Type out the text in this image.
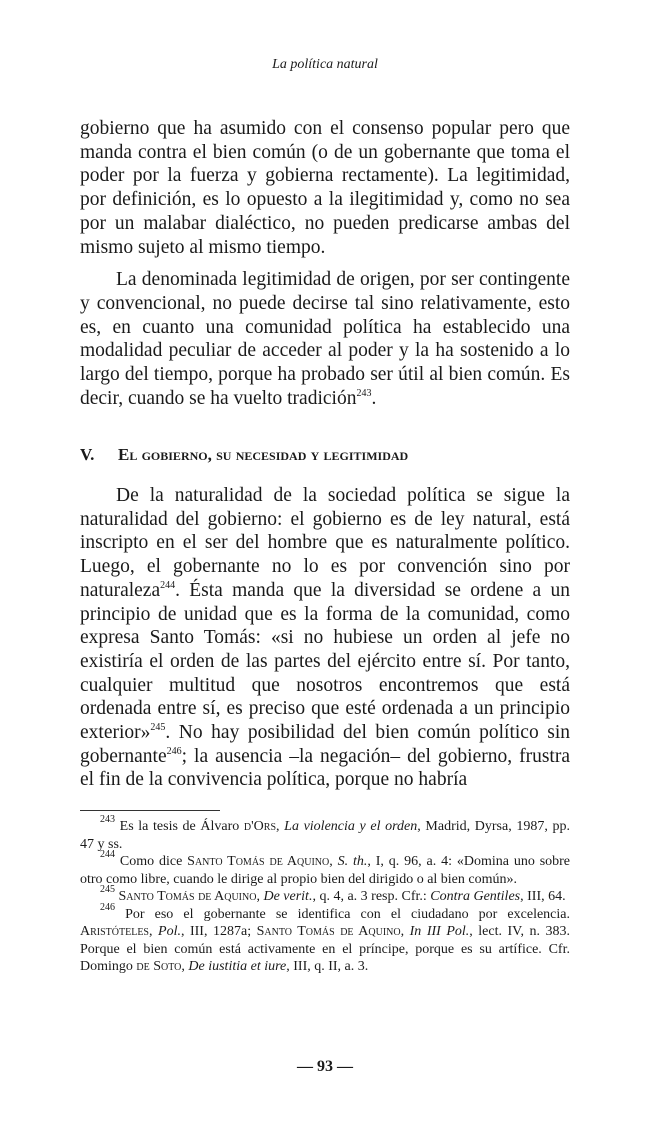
La política natural

gobierno que ha asumido con el consenso popular pero que manda contra el bien común (o de un gobernante que toma el poder por la fuerza y gobierna rectamente). La legitimidad, por definición, es lo opuesto a la ilegitimidad y, como no sea por un malabar dialéctico, no pueden predicarse ambas del mismo sujeto al mismo tiempo.

La denominada legitimidad de origen, por ser contingente y convencional, no puede decirse tal sino relativamente, esto es, en cuanto una comunidad política ha establecido una modalidad peculiar de acceder al poder y la ha sostenido a lo largo del tiempo, porque ha probado ser útil al bien común. Es decir, cuando se ha vuelto tradición$^{243}$.

V. El gobierno, su necesidad y legitimidad

De la naturalidad de la sociedad política se sigue la naturalidad del gobierno: el gobierno es de ley natural, está inscripto en el ser del hombre que es naturalmente político. Luego, el gobernante no lo es por convención sino por naturaleza$^{244}$. Ésta manda que la diversidad se ordene a un principio de unidad que es la forma de la comunidad, como expresa Santo Tomás: «si no hubiese un orden al jefe no existiría el orden de las partes del ejército entre sí. Por tanto, cualquier multitud que nosotros encontremos que está ordenada entre sí, es preciso que esté ordenada a un principio exterior»$^{245}$. No hay posibilidad del bien común político sin gobernante$^{246}$; la ausencia –la negación– del gobierno, frustra el fin de la convivencia política, porque no habría

$^{243}$ Es la tesis de Álvaro d'Ors, La violencia y el orden, Madrid, Dyrsa, 1987, pp. 47 y ss.

$^{244}$ Como dice Santo Tomás de Aquino, S. th., I, q. 96, a. 4: «Domina uno sobre otro como libre, cuando le dirige al propio bien del dirigido o al bien común».

$^{245}$ Santo Tomás de Aquino, De verit., q. 4, a. 3 resp. Cfr.: Contra Gentiles, III, 64.

$^{246}$ Por eso el gobernante se identifica con el ciudadano por excelencia. Aristóteles, Pol., III, 1287a; Santo Tomás de Aquino, In III Pol., lect. IV, n. 383. Porque el bien común está activamente en el príncipe, porque es su artífice. Cfr. Domingo de Soto, De iustitia et iure, III, q. II, a. 3.

— 93 —
